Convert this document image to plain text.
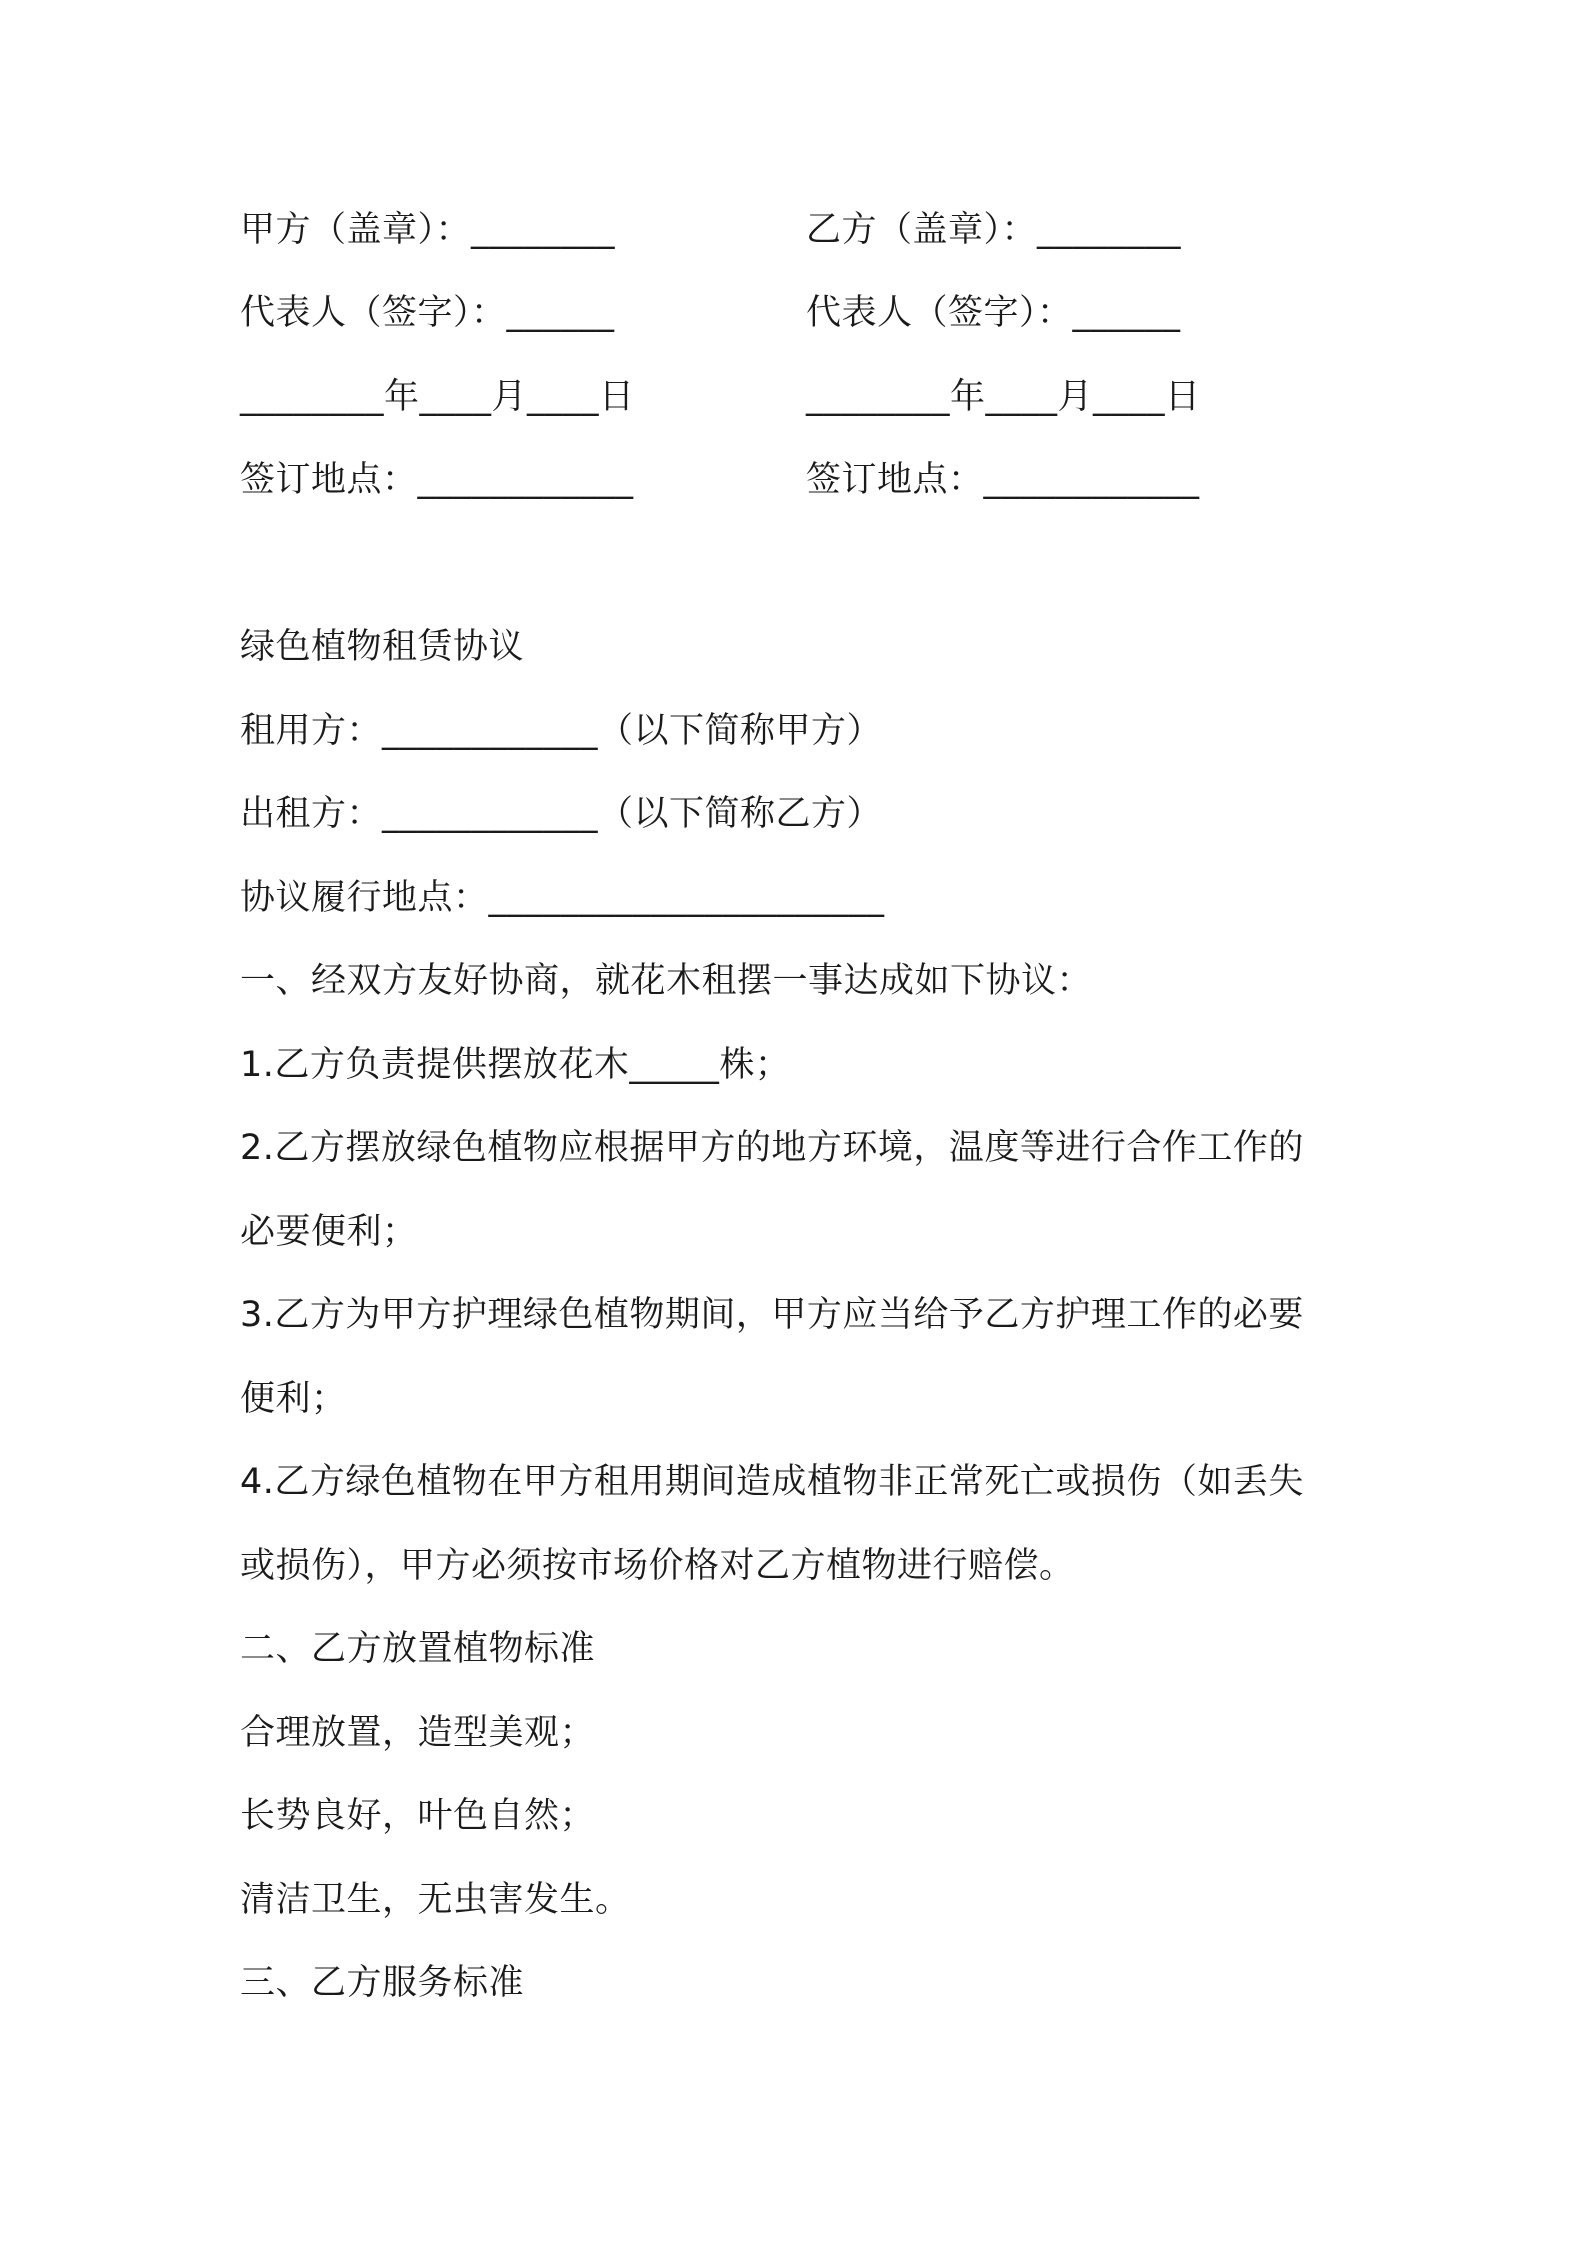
甲方（盖章）：________
代表人（签字）：______
________年____月____日
签订地点：____________
乙方（盖章）：________
代表人（签字）：______
________年____月____日
签订地点：____________
绿色植物租赁协议
租用方：____________（以下简称甲方）
出租方：____________（以下简称乙方）
协议履行地点：______________________
一、经双方友好协商，就花木租摆一事达成如下协议：
1.乙方负责提供摆放花木_____株；
2.乙方摆放绿色植物应根据甲方的地方环境，温度等进行合作工作的
必要便利；
3.乙方为甲方护理绿色植物期间，甲方应当给予乙方护理工作的必要
便利；
4.乙方绿色植物在甲方租用期间造成植物非正常死亡或损伤（如丢失
或损伤），甲方必须按市场价格对乙方植物进行赔偿。
二、乙方放置植物标准
合理放置，造型美观；
长势良好，叶色自然；
清洁卫生，无虫害发生。
三、乙方服务标准
